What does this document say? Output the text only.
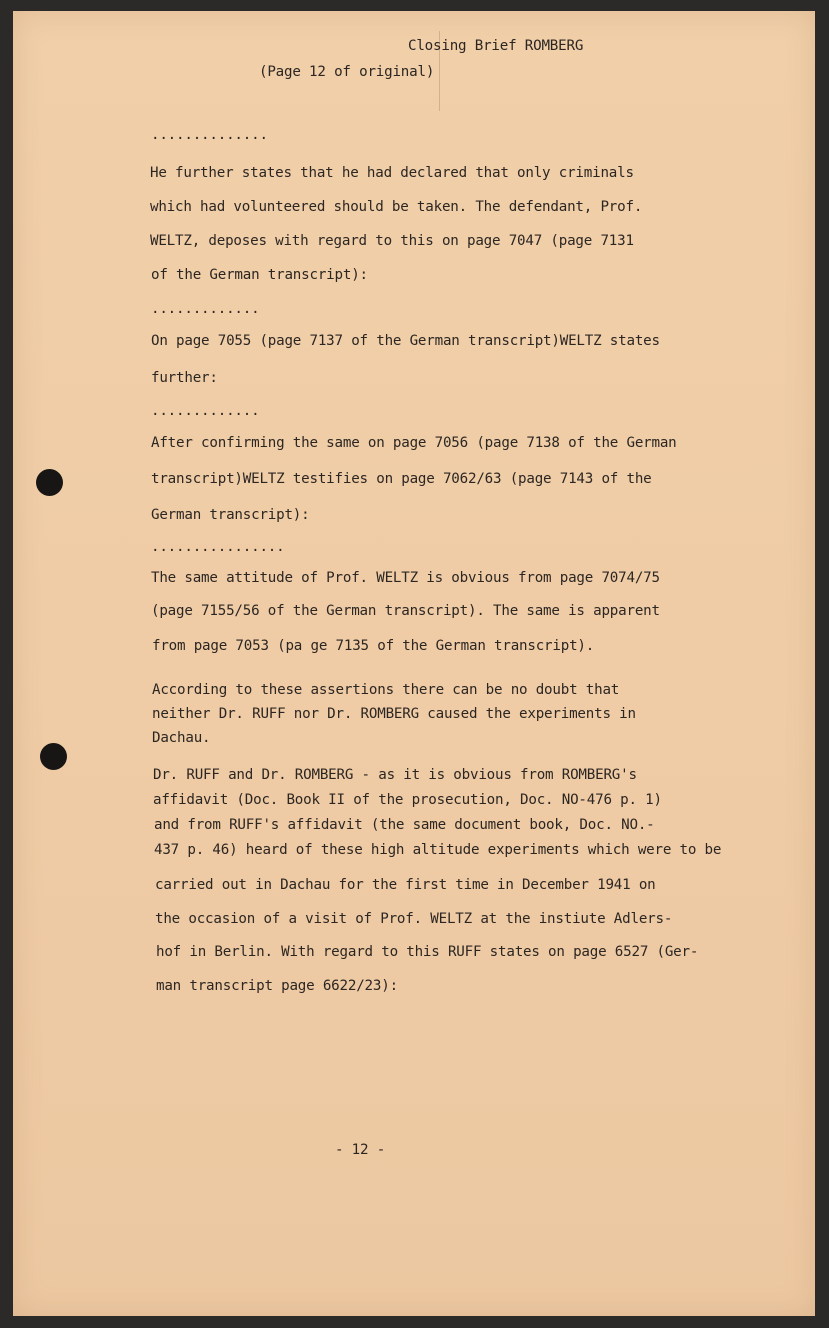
Closing Brief ROMBERG
(Page 12 of original)
..............
He further states that he had declared that only criminals
which had volunteered should be taken. The defendant, Prof.
WELTZ, deposes with regard to this on page 7047 (page 7131
of the German transcript):
.............
On page 7055 (page 7137 of the German transcript)WELTZ states
further:
.............
After confirming the same on page 7056 (page 7138 of the German
transcript)WELTZ testifies on page 7062/63 (page 7143 of the
German transcript):
................
The same attitude of Prof. WELTZ is obvious from page 7074/75
(page 7155/56 of the German transcript). The same is apparent
from page 7053 (pa ge 7135 of the German transcript).
According to these assertions there can be no doubt that
neither Dr. RUFF nor Dr. ROMBERG caused the experiments in
Dachau.
Dr. RUFF and Dr. ROMBERG - as it is obvious from ROMBERG's
affidavit (Doc. Book II of the prosecution, Doc. NO-476 p. 1)
and from RUFF's affidavit (the same document book, Doc. NO.-
437 p. 46) heard of these high altitude experiments which were to be
carried out in Dachau for the first time in December 1941 on
the occasion of a visit of Prof. WELTZ at the instiute Adlers-
hof in Berlin. With regard to this RUFF states on page 6527 (Ger-
man transcript page 6622/23):
- 12 -
